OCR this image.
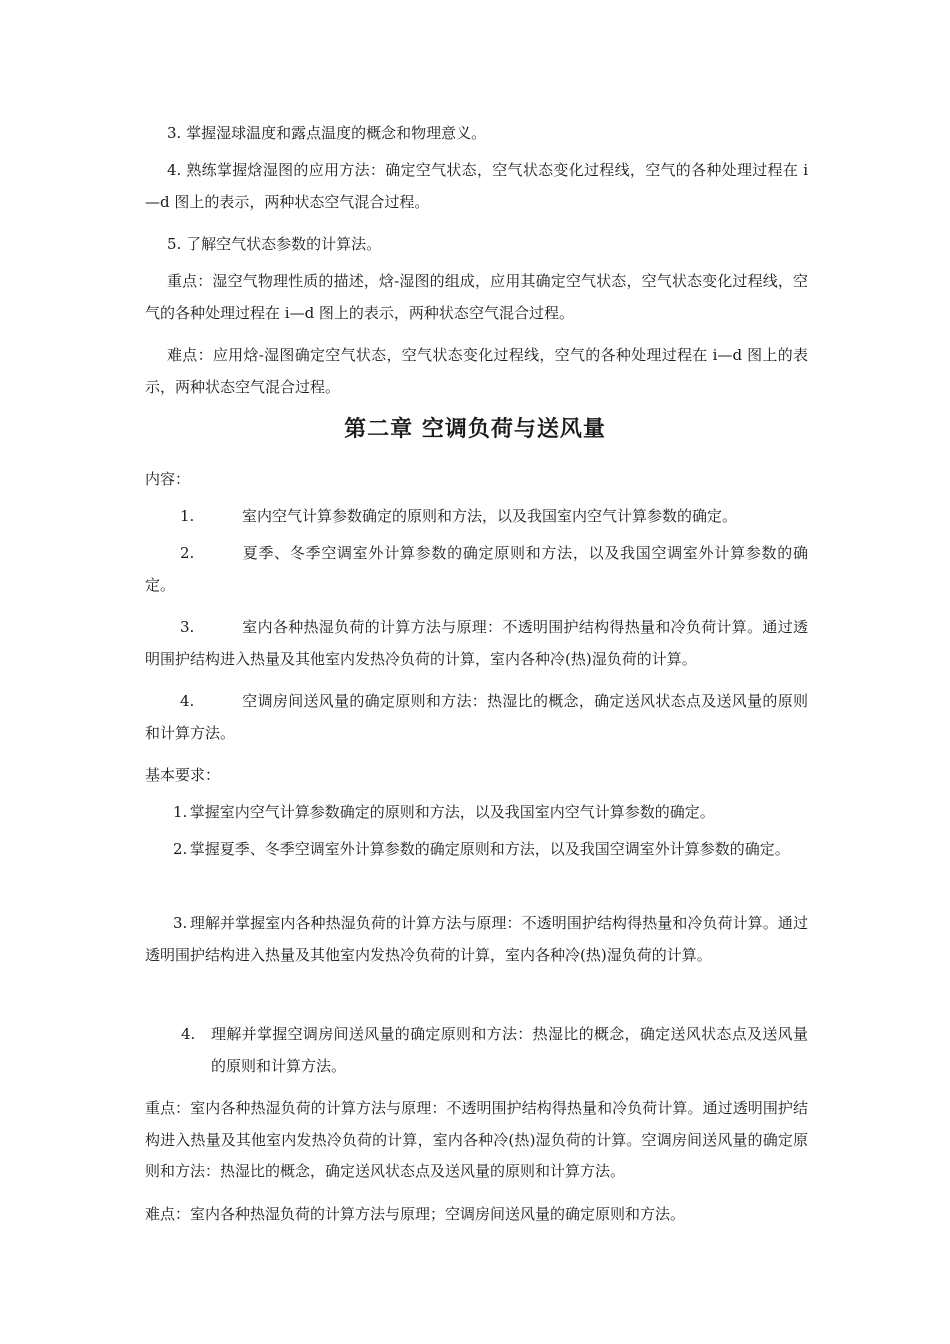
3. 掌握湿球温度和露点温度的概念和物理意义。

4. 熟练掌握焓湿图的应用方法：确定空气状态，空气状态变化过程线，空气的各种处理过程在 i—d 图上的表示，两种状态空气混合过程。

5. 了解空气状态参数的计算法。

重点：湿空气物理性质的描述，焓-湿图的组成，应用其确定空气状态，空气状态变化过程线，空气的各种处理过程在 i—d 图上的表示，两种状态空气混合过程。

难点：应用焓-湿图确定空气状态，空气状态变化过程线，空气的各种处理过程在 i—d 图上的表示，两种状态空气混合过程。

第二章 空调负荷与送风量

内容：

1.	室内空气计算参数确定的原则和方法，以及我国室内空气计算参数的确定。

2.	夏季、冬季空调室外计算参数的确定原则和方法，以及我国空调室外计算参数的确定。

3.	室内各种热湿负荷的计算方法与原理：不透明围护结构得热量和冷负荷计算。通过透明围护结构进入热量及其他室内发热冷负荷的计算，室内各种冷(热)湿负荷的计算。

4.	空调房间送风量的确定原则和方法：热湿比的概念，确定送风状态点及送风量的原则和计算方法。

基本要求：

1. 掌握室内空气计算参数确定的原则和方法，以及我国室内空气计算参数的确定。

2. 掌握夏季、冬季空调室外计算参数的确定原则和方法，以及我国空调室外计算参数的确定。

3. 理解并掌握室内各种热湿负荷的计算方法与原理：不透明围护结构得热量和冷负荷计算。通过透明围护结构进入热量及其他室内发热冷负荷的计算，室内各种冷(热)湿负荷的计算。

4. 理解并掌握空调房间送风量的确定原则和方法：热湿比的概念，确定送风状态点及送风量的原则和计算方法。

重点：室内各种热湿负荷的计算方法与原理：不透明围护结构得热量和冷负荷计算。通过透明围护结构进入热量及其他室内发热冷负荷的计算，室内各种冷(热)湿负荷的计算。空调房间送风量的确定原则和方法：热湿比的概念，确定送风状态点及送风量的原则和计算方法。

难点：室内各种热湿负荷的计算方法与原理；空调房间送风量的确定原则和方法。
